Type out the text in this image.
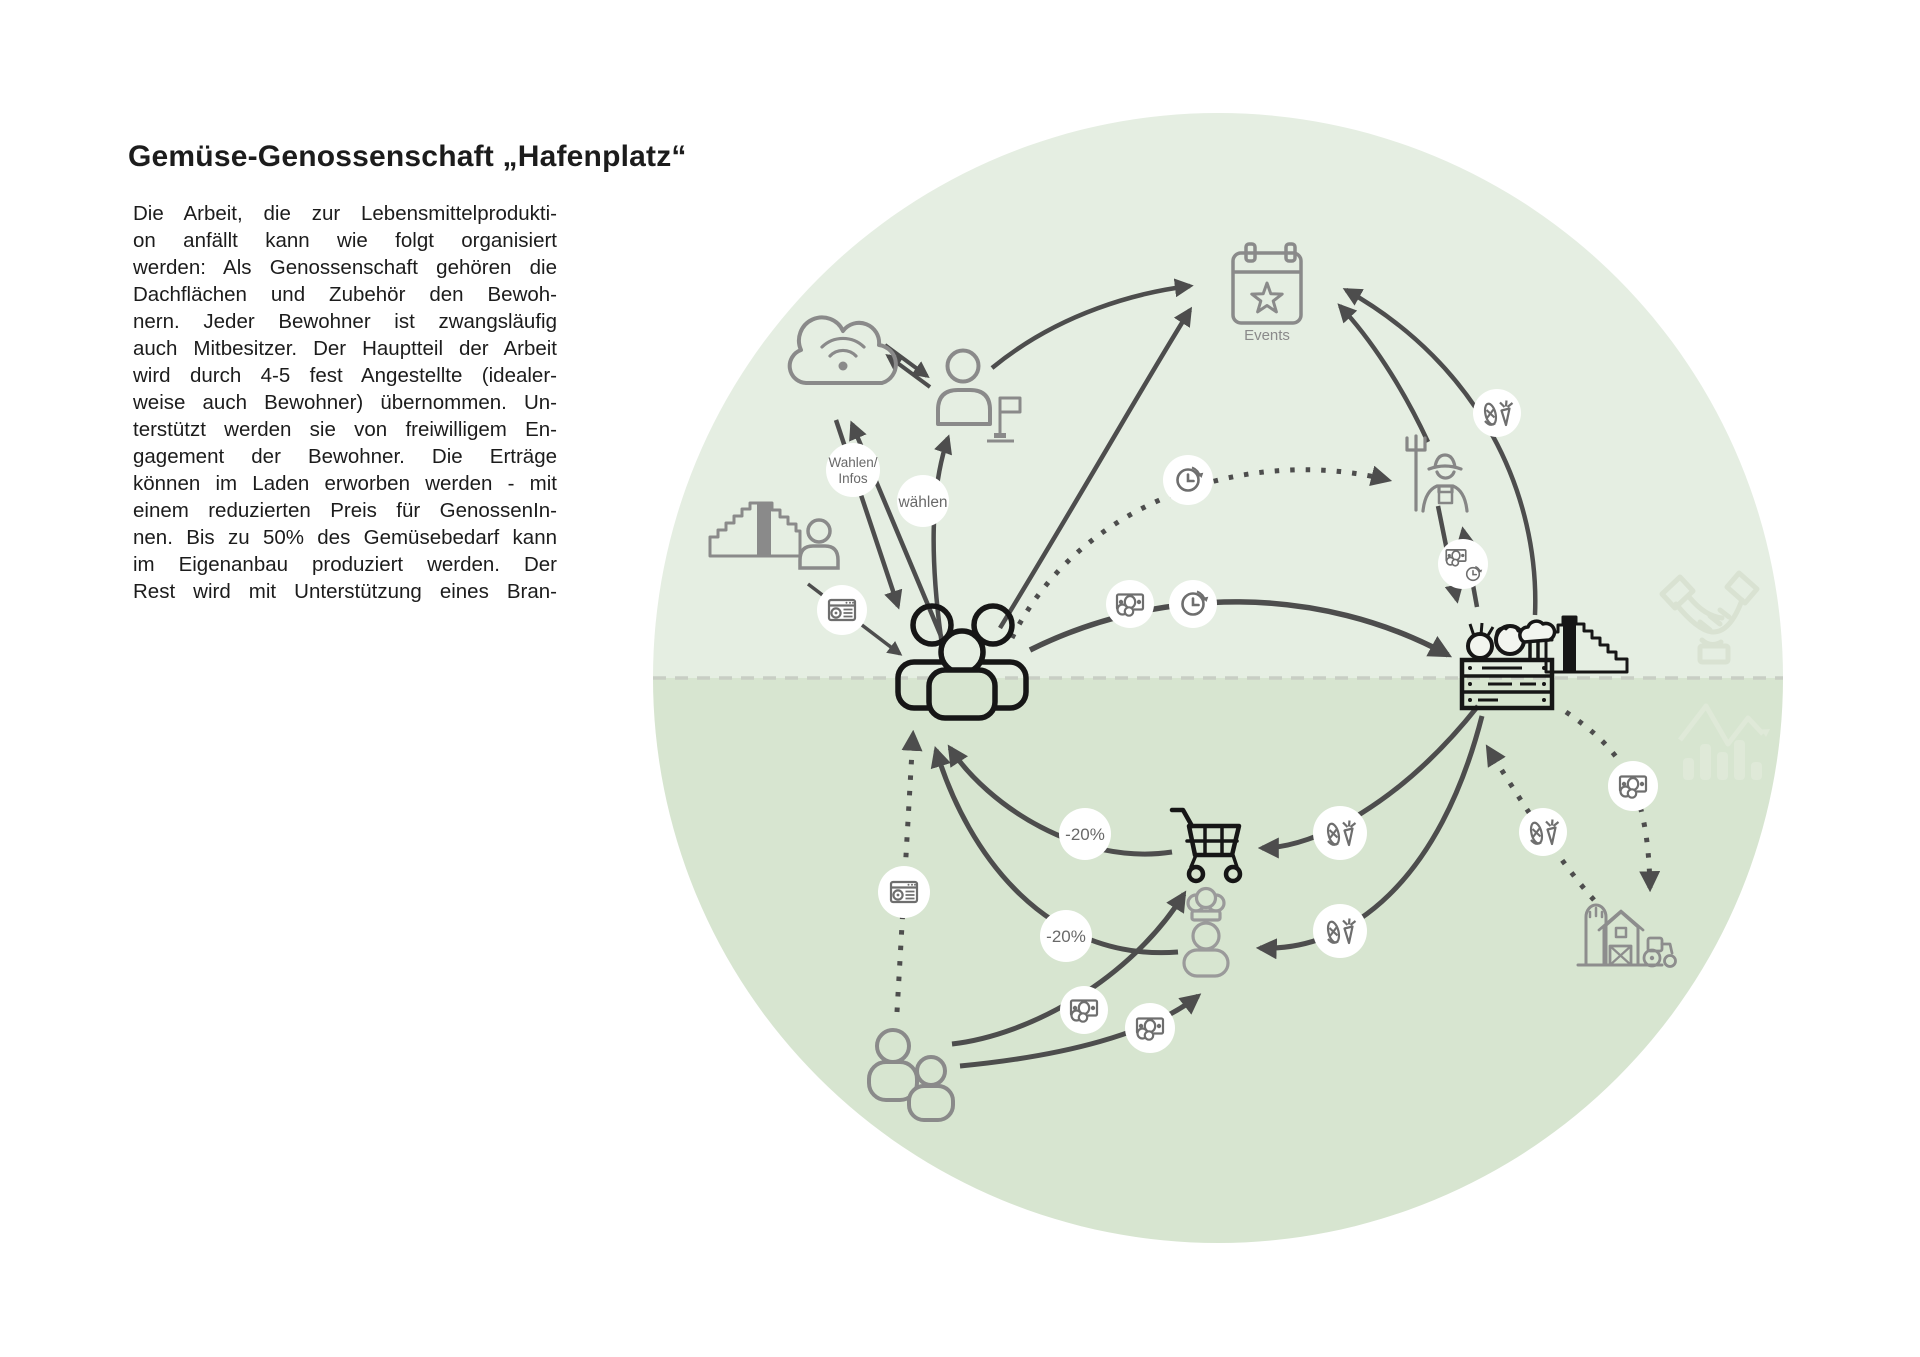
Gemüse-Genossenschaft „Hafenplatz“
Die Arbeit, die zur Lebensmittelprodukti-
on anfällt kann wie folgt organisiert
werden: Als Genossenschaft gehören die
Dachflächen und Zubehör den Bewoh-
nern. Jeder Bewohner ist zwangsläufig
auch Mitbesitzer. Der Hauptteil der Arbeit
wird durch 4-5 fest Angestellte (idealer-
weise auch Bewohner) übernommen. Un-
terstützt werden sie von freiwilligem En-
gagement der Bewohner. Die Erträge
können im Laden erworben werden - mit
einem reduzierten Preis für GenossenIn-
nen. Bis zu 50% des Gemüsebedarf kann
im Eigenanbau produziert werden. Der
Rest wird mit Unterstützung eines Bran-
Events
Wahlen/
Infos
wählen
-20%
-20%
